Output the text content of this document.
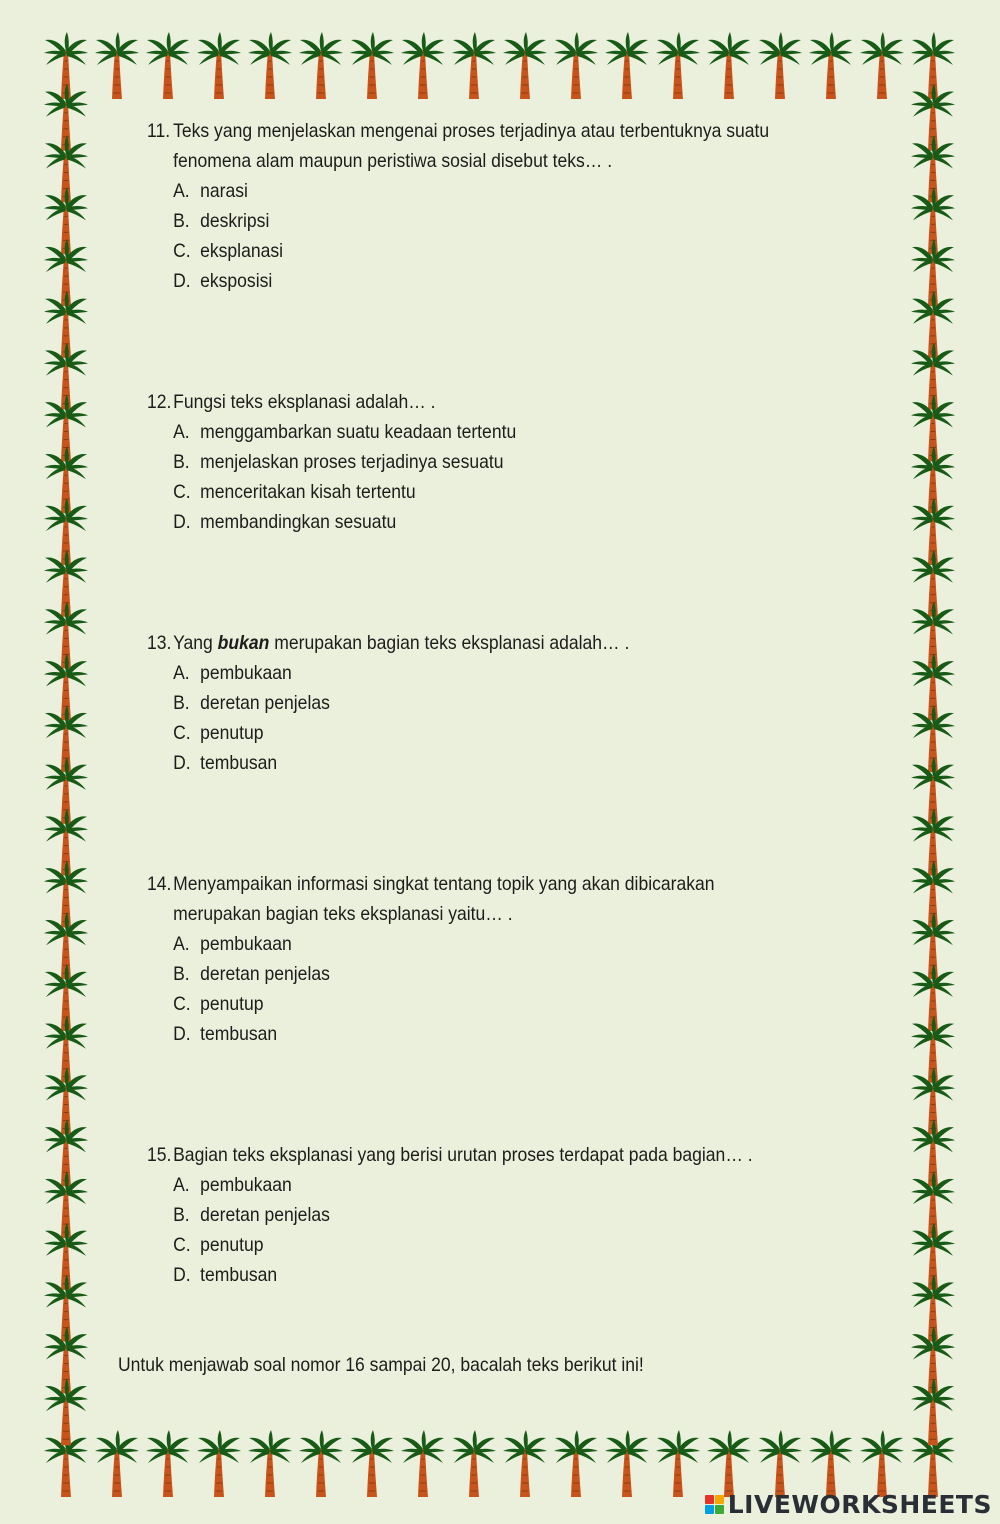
11. Teks yang menjelaskan mengenai proses terjadinya atau terbentuknya suatu fenomena alam maupun peristiwa sosial disebut teks… .
A. narasi
B. deskripsi
C. eksplanasi
D. eksposisi
12. Fungsi teks eksplanasi adalah… .
A. menggambarkan suatu keadaan tertentu
B. menjelaskan proses terjadinya sesuatu
C. menceritakan kisah tertentu
D. membandingkan sesuatu
13. Yang bukan merupakan bagian teks eksplanasi adalah… .
A. pembukaan
B. deretan penjelas
C. penutup
D. tembusan
14. Menyampaikan informasi singkat tentang topik yang akan dibicarakan merupakan bagian teks eksplanasi yaitu… .
A. pembukaan
B. deretan penjelas
C. penutup
D. tembusan
15. Bagian teks eksplanasi yang berisi urutan proses terdapat pada bagian… .
A. pembukaan
B. deretan penjelas
C. penutup
D. tembusan
Untuk menjawab soal nomor 16 sampai 20, bacalah teks berikut ini!
LIVEWORKSHEETS
